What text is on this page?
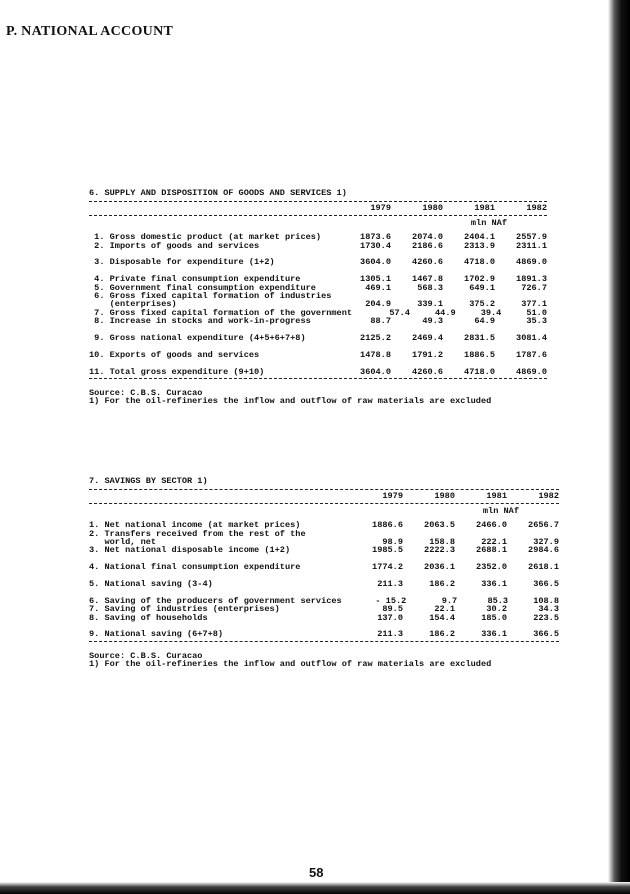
P. NATIONAL ACCOUNT
6. SUPPLY AND DISPOSITION OF GOODS AND SERVICES 1)
1979	1980	1981	1982
mln NAf
1. Gross domestic product (at market prices)	1873.6	2074.0	2404.1	2557.9
2. Imports of goods and services	1730.4	2186.6	2313.9	2311.1
3. Disposable for expenditure (1+2)	3604.0	4260.6	4718.0	4869.0
4. Private final consumption expenditure	1305.1	1467.8	1702.9	1891.3
5. Government final consumption expenditure	469.1	568.3	649.1	726.7
6. Gross fixed capital formation of industries
(enterprises)	204.9	339.1	375.2	377.1
7. Gross fixed capital formation of the government	57.4	44.9	39.4	51.0
8. Increase in stocks and work-in-progress	88.7	49.3	64.9	35.3
9. Gross national expenditure (4+5+6+7+8)	2125.2	2469.4	2831.5	3081.4
10. Exports of goods and services	1478.8	1791.2	1886.5	1787.6
11. Total gross expenditure (9+10)	3604.0	4260.6	4718.0	4869.0
Source: C.B.S. Curacao
1) For the oil-refineries the inflow and outflow of raw materials are excluded
7. SAVINGS BY SECTOR 1)
1979	1980	1981	1982
mln NAf
1. Net national income (at market prices)	1886.6	2063.5	2466.0	2656.7
2. Transfers received from the rest of the
world, net	98.9	158.8	222.1	327.9
3. Net national disposable income (1+2)	1985.5	2222.3	2688.1	2984.6
4. National final consumption expenditure	1774.2	2036.1	2352.0	2618.1
5. National saving (3-4)	211.3	186.2	336.1	366.5
6. Saving of the producers of government services	- 15.2	9.7	85.3	108.8
7. Saving of industries (enterprises)	89.5	22.1	30.2	34.3
8. Saving of households	137.0	154.4	185.0	223.5
9. National saving (6+7+8)	211.3	186.2	336.1	366.5
Source: C.B.S. Curacao
1) For the oil-refineries the inflow and outflow of raw materials are excluded
58
